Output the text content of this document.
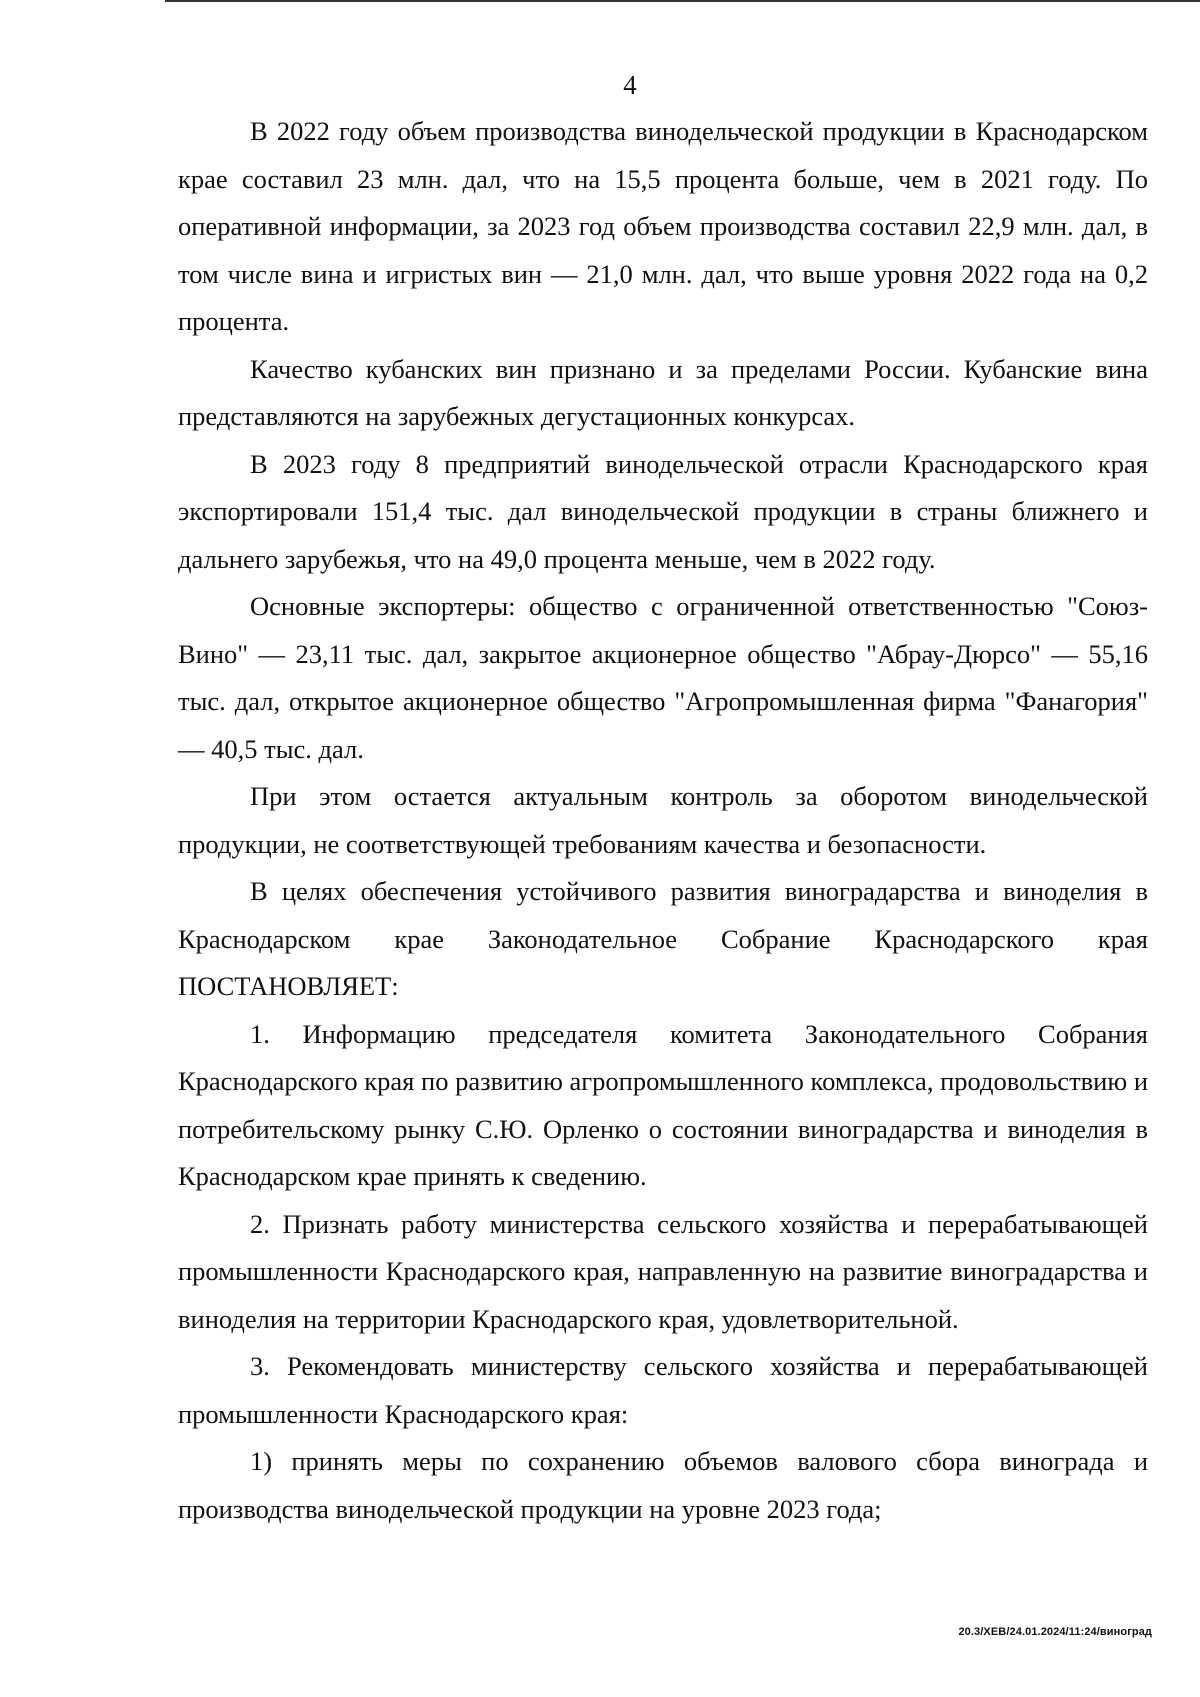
4

В 2022 году объем производства винодельческой продукции в Краснодарском крае составил 23 млн. дал, что на 15,5 процента больше, чем в 2021 году. По оперативной информации, за 2023 год объем производства составил 22,9 млн. дал, в том числе вина и игристых вин — 21,0 млн. дал, что выше уровня 2022 года на 0,2 процента.

Качество кубанских вин признано и за пределами России. Кубанские вина представляются на зарубежных дегустационных конкурсах.

В 2023 году 8 предприятий винодельческой отрасли Краснодарского края экспортировали 151,4 тыс. дал винодельческой продукции в страны ближнего и дальнего зарубежья, что на 49,0 процента меньше, чем в 2022 году.

Основные экспортеры: общество с ограниченной ответственностью "Союз-Вино" — 23,11 тыс. дал, закрытое акционерное общество "Абрау-Дюрсо" — 55,16 тыс. дал, открытое акционерное общество "Агропромышленная фирма "Фанагория" — 40,5 тыс. дал.

При этом остается актуальным контроль за оборотом винодельческой продукции, не соответствующей требованиям качества и безопасности.

В целях обеспечения устойчивого развития виноградарства и виноделия в Краснодарском крае Законодательное Собрание Краснодарского края ПОСТАНОВЛЯЕТ:

1. Информацию председателя комитета Законодательного Собрания Краснодарского края по развитию агропромышленного комплекса, продовольствию и потребительскому рынку С.Ю. Орленко о состоянии виноградарства и виноделия в Краснодарском крае принять к сведению.

2. Признать работу министерства сельского хозяйства и перерабатывающей промышленности Краснодарского края, направленную на развитие виноградарства и виноделия на территории Краснодарского края, удовлетворительной.

3. Рекомендовать министерству сельского хозяйства и перерабатывающей промышленности Краснодарского края:

1) принять меры по сохранению объемов валового сбора винограда и производства винодельческой продукции на уровне 2023 года;

20.3/ХЕВ/24.01.2024/11:24/виноград
